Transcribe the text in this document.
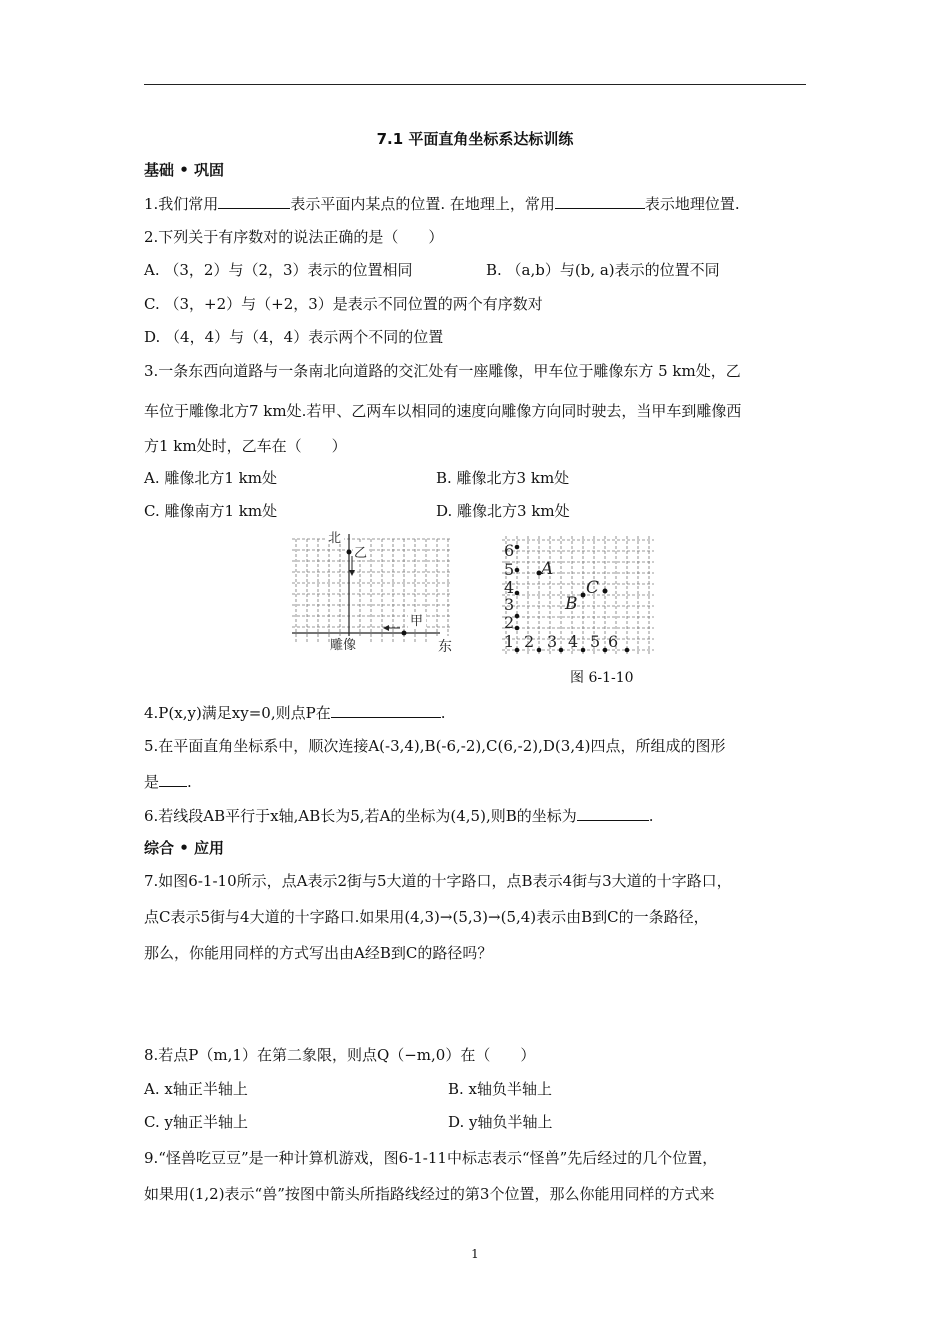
7.1 平面直角坐标系达标训练
基础 • 巩固
1.我们常用	表示平面内某点的位置. 在地理上，常用	表示地理位置.
2.下列关于有序数对的说法正确的是（　　）
A. （3，2）与（2，3）表示的位置相同	B. （a,b）与(b, a)表示的位置不同
C. （3，+2）与（+2，3）是表示不同位置的两个有序数对
D. （4，4）与（4，4）表示两个不同的位置
3.一条东西向道路与一条南北向道路的交汇处有一座雕像，甲车位于雕像东方 5 km处，乙
车位于雕像北方7 km处.若甲、乙两车以相同的速度向雕像方向同时驶去，当甲车到雕像西
方1 km处时，乙车在（　　）
A. 雕像北方1 km处	B. 雕像北方3 km处
C. 雕像南方1 km处	D. 雕像北方3 km处
北
乙
甲
雕像	东
6
5
4
3
2
1 2 3 4 5 6
A
B
C
图 6-1-10
4.P(x,y)满足xy=0,则点P在	.
5.在平面直角坐标系中，顺次连接A(-3,4),B(-6,-2),C(6,-2),D(3,4)四点，所组成的图形
是 .
6.若线段AB平行于x轴,AB长为5,若A的坐标为(4,5),则B的坐标为	.
综合 • 应用
7.如图6-1-10所示，点A表示2街与5大道的十字路口，点B表示4街与3大道的十字路口，
点C表示5街与4大道的十字路口.如果用(4,3)→(5,3)→(5,4)表示由B到C的一条路径，
那么，你能用同样的方式写出由A经B到C的路径吗？
8.若点P（m,1）在第二象限，则点Q（−m,0）在（　　）
A. x轴正半轴上	B. x轴负半轴上
C. y轴正半轴上	D. y轴负半轴上
9.“怪兽吃豆豆”是一种计算机游戏，图6-1-11中标志表示“怪兽”先后经过的几个位置，
如果用(1,2)表示“兽”按图中箭头所指路线经过的第3个位置，那么你能用同样的方式来
1
